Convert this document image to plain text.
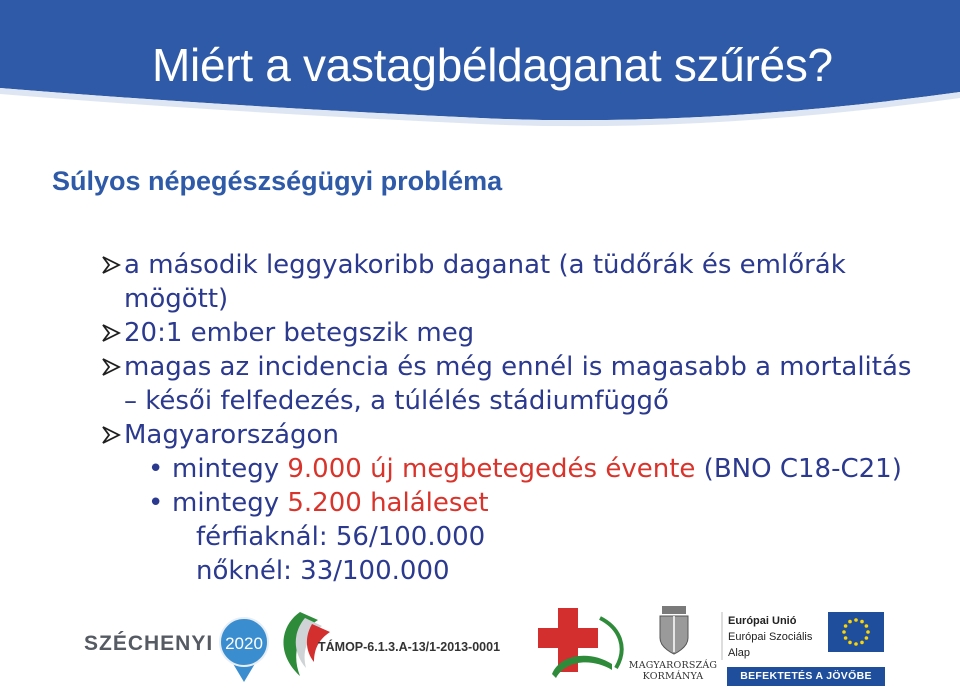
Miért a vastagbéldaganat szűrés?
Súlyos népegészségügyi probléma
a második leggyakoribb daganat (a tüdőrák és emlőrák
mögött)
20:1 ember betegszik meg
magas az incidencia és még ennél is magasabb a mortalitás
– késői felfedezés, a túlélés stádiumfüggő
Magyarországon
• mintegy 9.000 új megbetegedés évente (BNO C18-C21)
• mintegy 5.200 haláleset
férfiaknál: 56/100.000
nőknél: 33/100.000
2020
SZÉCHENYI	TÁMOP-6.1.3.A-13/1-2013-0001
MAGYARORSZÁG
KORMÁNYA
Európai Unió
Európai Szociális
Alap
BEFEKTETÉS A JÖVŐBE
